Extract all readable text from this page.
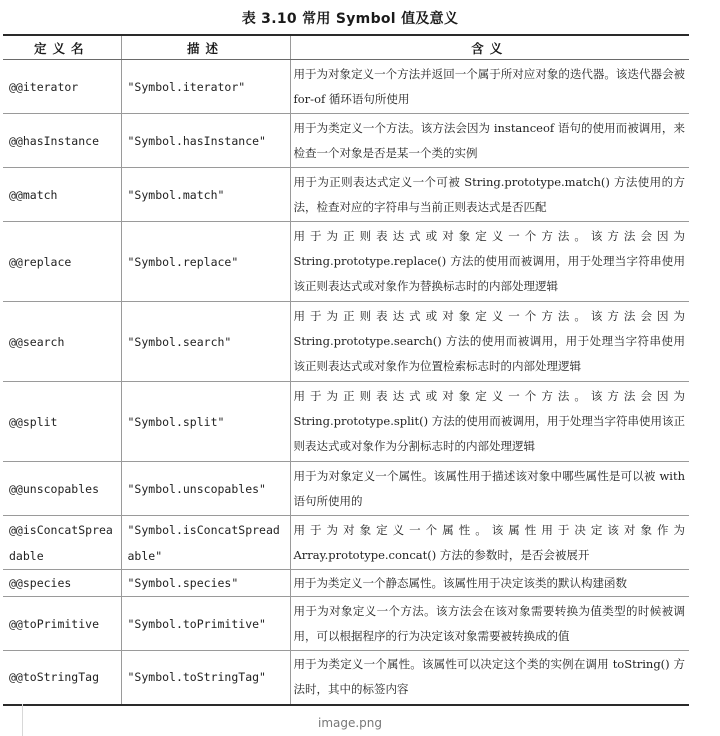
表 3.10 常用 Symbol 值及意义
定义名	描述	含义
@@iterator	"Symbol.iterator"	用于为对象定义一个方法并返回一个属于所对应对象的迭代器。该迭代器会被 for-of 循环语句所使用
@@hasInstance	"Symbol.hasInstance"	用于为类定义一个方法。该方法会因为 instanceof 语句的使用而被调用，来检查一个对象是否是某一个类的实例
@@match	"Symbol.match"	用于为正则表达式定义一个可被 String.prototype.match() 方法使用的方法，检查对应的字符串与当前正则表达式是否匹配
@@replace	"Symbol.replace"	用于为正则表达式或对象定义一个方法。该方法会因为 String.prototype.replace() 方法的使用而被调用，用于处理当字符串使用该正则表达式或对象作为替换标志时的内部处理逻辑
@@search	"Symbol.search"	用于为正则表达式或对象定义一个方法。该方法会因为 String.prototype.search() 方法的使用而被调用，用于处理当字符串使用该正则表达式或对象作为位置检索标志时的内部处理逻辑
@@split	"Symbol.split"	用于为正则表达式或对象定义一个方法。该方法会因为 String.prototype.split() 方法的使用而被调用，用于处理当字符串使用该正则表达式或对象作为分割标志时的内部处理逻辑
@@unscopables	"Symbol.unscopables"	用于为对象定义一个属性。该属性用于描述该对象中哪些属性是可以被 with 语句所使用的
@@isConcatSpreadable	"Symbol.isConcatSpreadable"	用于为对象定义一个属性。该属性用于决定该对象作为 Array.prototype.concat() 方法的参数时，是否会被展开
@@species	"Symbol.species"	用于为类定义一个静态属性。该属性用于决定该类的默认构建函数
@@toPrimitive	"Symbol.toPrimitive"	用于为对象定义一个方法。该方法会在该对象需要转换为值类型的时候被调用，可以根据程序的行为决定该对象需要被转换成的值
@@toStringTag	"Symbol.toStringTag"	用于为类定义一个属性。该属性可以决定这个类的实例在调用 toString() 方法时，其中的标签内容
image.png
